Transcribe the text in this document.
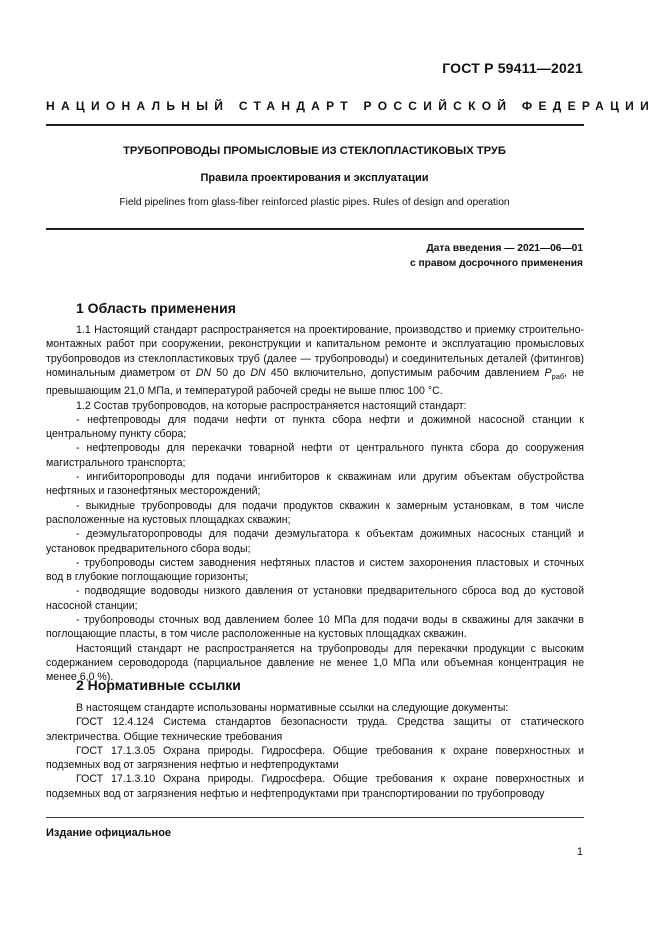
ГОСТ Р 59411—2021
НАЦИОНАЛЬНЫЙ СТАНДАРТ РОССИЙСКОЙ ФЕДЕРАЦИИ
ТРУБОПРОВОДЫ ПРОМЫСЛОВЫЕ ИЗ СТЕКЛОПЛАСТИКОВЫХ ТРУБ
Правила проектирования и эксплуатации
Field pipelines from glass-fiber reinforced plastic pipes. Rules of design and operation
Дата введения — 2021—06—01
с правом досрочного применения
1 Область применения

1.1 Настоящий стандарт распространяется на проектирование, производство и приемку строительно-монтажных работ при сооружении, реконструкции и капитальном ремонте и эксплуатацию промысловых трубопроводов из стеклопластиковых труб (далее — трубопроводы) и соединительных деталей (фитингов) номинальным диаметром от DN 50 до DN 450 включительно, допустимым рабочим давлением $P_{раб}$, не превышающим 21,0 МПа, и температурой рабочей среды не выше плюс 100 °С.

1.2 Состав трубопроводов, на которые распространяется настоящий стандарт:

- нефтепроводы для подачи нефти от пункта сбора нефти и дожимной насосной станции к центральному пункту сбора;

- нефтепроводы для перекачки товарной нефти от центрального пункта сбора до сооружения магистрального транспорта;

- ингибиторопроводы для подачи ингибиторов к скважинам или другим объектам обустройства нефтяных и газонефтяных месторождений;

- выкидные трубопроводы для подачи продуктов скважин к замерным установкам, в том числе расположенные на кустовых площадках скважин;

- деэмульгаторопроводы для подачи деэмульгатора к объектам дожимных насосных станций и установок предварительного сбора воды;

- трубопроводы систем заводнения нефтяных пластов и систем захоронения пластовых и сточных вод в глубокие поглощающие горизонты;

- подводящие водоводы низкого давления от установки предварительного сброса вод до кустовой насосной станции;

- трубопроводы сточных вод давлением более 10 МПа для подачи воды в скважины для закачки в поглощающие пласты, в том числе расположенные на кустовых площадках скважин.

Настоящий стандарт не распространяется на трубопроводы для перекачки продукции с высоким содержанием сероводорода (парциальное давление не менее 1,0 МПа или объемная концентрация не менее 6,0 %).

2 Нормативные ссылки

В настоящем стандарте использованы нормативные ссылки на следующие документы:

ГОСТ 12.4.124 Система стандартов безопасности труда. Средства защиты от статического электричества. Общие технические требования

ГОСТ 17.1.3.05 Охрана природы. Гидросфера. Общие требования к охране поверхностных и подземных вод от загрязнения нефтью и нефтепродуктами

ГОСТ 17.1.3.10 Охрана природы. Гидросфера. Общие требования к охране поверхностных и подземных вод от загрязнения нефтью и нефтепродуктами при транспортировании по трубопроводу

Издание официальное
1
